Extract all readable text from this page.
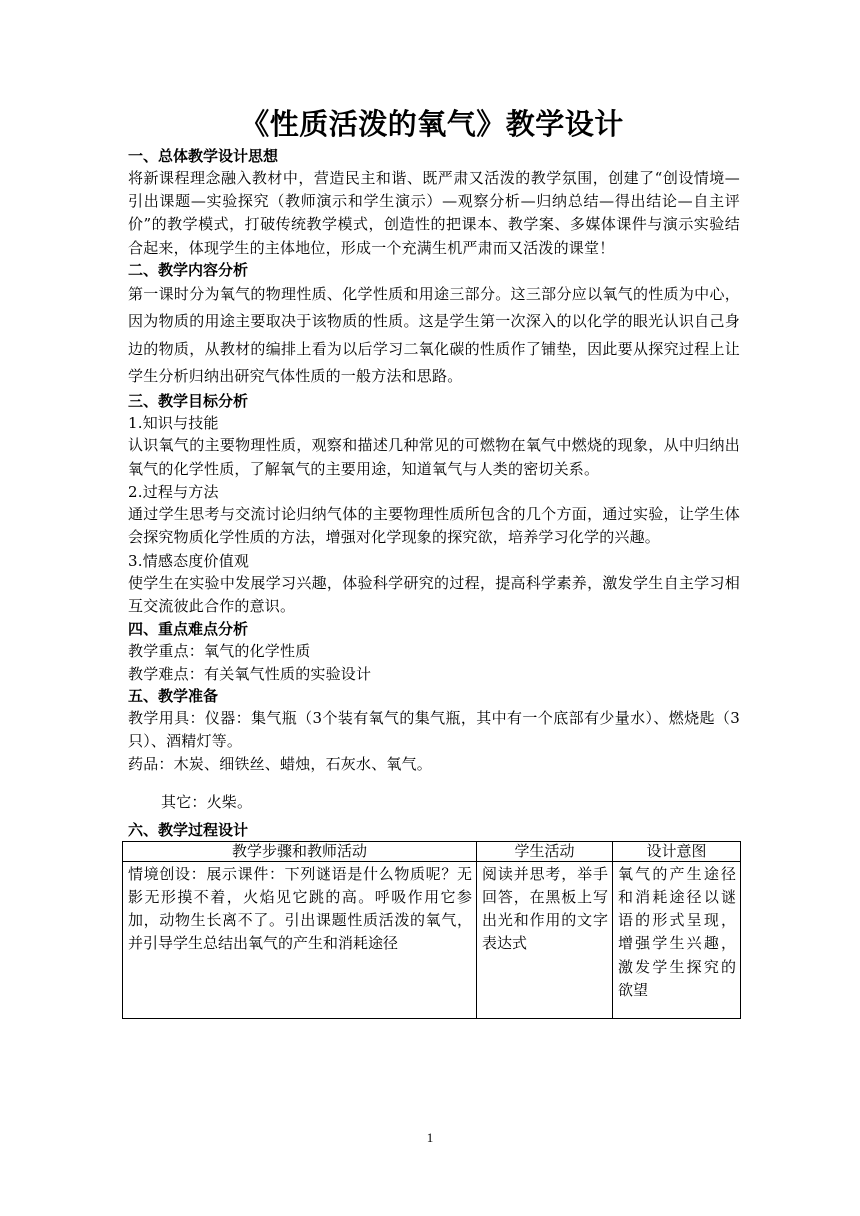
《性质活泼的氧气》教学设计
一、总体教学设计思想

将新课程理念融入教材中，营造民主和谐、既严肃又活泼的教学氛围，创建了“创设情境—引出课题—实验探究（教师演示和学生演示）—观察分析—归纳总结—得出结论—自主评价”的教学模式，打破传统教学模式，创造性的把课本、教学案、多媒体课件与演示实验结合起来，体现学生的主体地位，形成一个充满生机严肃而又活泼的课堂！

二、教学内容分析

第一课时分为氧气的物理性质、化学性质和用途三部分。这三部分应以氧气的性质为中心，因为物质的用途主要取决于该物质的性质。这是学生第一次深入的以化学的眼光认识自己身边的物质，从教材的编排上看为以后学习二氧化碳的性质作了铺垫，因此要从探究过程上让学生分析归纳出研究气体性质的一般方法和思路。

三、教学目标分析

1.知识与技能

认识氧气的主要物理性质，观察和描述几种常见的可燃物在氧气中燃烧的现象，从中归纳出氧气的化学性质，了解氧气的主要用途，知道氧气与人类的密切关系。

2.过程与方法

通过学生思考与交流讨论归纳气体的主要物理性质所包含的几个方面，通过实验，让学生体会探究物质化学性质的方法，增强对化学现象的探究欲，培养学习化学的兴趣。

3.情感态度价值观

使学生在实验中发展学习兴趣，体验科学研究的过程，提高科学素养，激发学生自主学习相互交流彼此合作的意识。

四、重点难点分析

教学重点：氧气的化学性质

教学难点：有关氧气性质的实验设计

五、教学准备

教学用具：仪器：集气瓶（3个装有氧气的集气瓶，其中有一个底部有少量水）、燃烧匙（3只）、酒精灯等。

药品：木炭、细铁丝、蜡烛，石灰水、氧气。

其它：火柴。

六、教学过程设计
教学步骤和教师活动	学生活动	设计意图
情境创设：展示课件：下列谜语是什么物质呢？无影无形摸不着，火焰见它跳的高。呼吸作用它参加，动物生长离不了。引出课题性质活泼的氧气，并引导学生总结出氧气的产生和消耗途径	阅读并思考，举手回答，在黑板上写出光和作用的文字表达式	氧气的产生途径和消耗途径以谜语的形式呈现，增强学生兴趣，激发学生探究的欲望
1
